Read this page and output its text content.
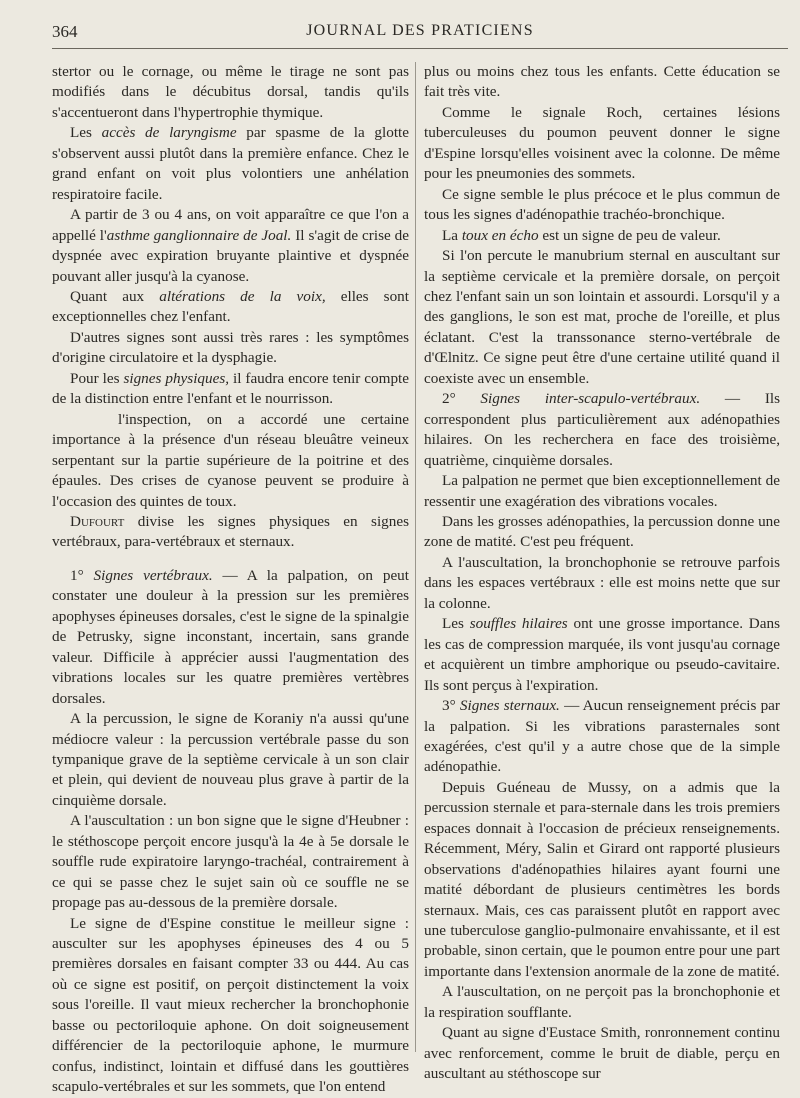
364	JOURNAL DES PRATICIENS

stertor ou le cornage, ou même le tirage ne sont pas modifiés dans le décubitus dorsal, tandis qu'ils s'accentueront dans l'hypertrophie thymique.

Les accès de laryngisme par spasme de la glotte s'observent aussi plutôt dans la première enfance. Chez le grand enfant on voit plus volontiers une anhélation respiratoire facile.

A partir de 3 ou 4 ans, on voit apparaître ce que l'on a appellé l'asthme ganglionnaire de Joal. Il s'agit de crise de dyspnée avec expiration bruyante plaintive et dyspnée pouvant aller jusqu'à la cyanose.

Quant aux altérations de la voix, elles sont exceptionnelles chez l'enfant.

D'autres signes sont aussi très rares : les symptômes d'origine circulatoire et la dysphagie.

Pour les signes physiques, il faudra encore tenir compte de la distinction entre l'enfant et le nourrisson.

l'inspection, on a accordé une certaine importance à la présence d'un réseau bleuâtre veineux serpentant sur la partie supérieure de la poitrine et des épaules. Des crises de cyanose peuvent se produire à l'occasion des quintes de toux.

Dufourt divise les signes physiques en signes vertébraux, para-vertébraux et sternaux.

1° Signes vertébraux. — A la palpation, on peut constater une douleur à la pression sur les premières apophyses épineuses dorsales, c'est le signe de la spinalgie de Petrusky, signe inconstant, incertain, sans grande valeur. Difficile à apprécier aussi l'augmentation des vibrations locales sur les quatre premières vertèbres dorsales.

A la percussion, le signe de Koraniy n'a aussi qu'une médiocre valeur : la percussion vertébrale passe du son tympanique grave de la septième cervicale à un son clair et plein, qui devient de nouveau plus grave à partir de la cinquième dorsale.

A l'auscultation : un bon signe que le signe d'Heubner : le stéthoscope perçoit encore jusqu'à la 4e à 5e dorsale le souffle rude expiratoire laryngo-trachéal, contrairement à ce qui se passe chez le sujet sain où ce souffle ne se propage pas au-dessous de la première dorsale.

Le signe de d'Espine constitue le meilleur signe : ausculter sur les apophyses épineuses des 4 ou 5 premières dorsales en faisant compter 33 ou 444. Au cas où ce signe est positif, on perçoit distinctement la voix sous l'oreille. Il vaut mieux rechercher la bronchophonie basse ou pectoriloquie aphone. On doit soigneusement différencier de la pectoriloquie aphone, le murmure confus, indistinct, lointain et diffusé dans les gouttières scapulo-vertébrales et sur les sommets, que l'on entend

plus ou moins chez tous les enfants. Cette éducation se fait très vite.

Comme le signale Roch, certaines lésions tuberculeuses du poumon peuvent donner le signe d'Espine lorsqu'elles voisinent avec la colonne. De même pour les pneumonies des sommets.

Ce signe semble le plus précoce et le plus commun de tous les signes d'adénopathie trachéo-bronchique.

La toux en écho est un signe de peu de valeur.

Si l'on percute le manubrium sternal en auscultant sur la septième cervicale et la première dorsale, on perçoit chez l'enfant sain un son lointain et assourdi. Lorsqu'il y a des ganglions, le son est mat, proche de l'oreille, et plus éclatant. C'est la transsonance sterno-vertébrale de d'Œlnitz. Ce signe peut être d'une certaine utilité quand il coexiste avec un ensemble.

2° Signes inter-scapulo-vertébraux. — Ils correspondent plus particulièrement aux adénopathies hilaires. On les recherchera en face des troisième, quatrième, cinquième dorsales.

La palpation ne permet que bien exceptionnellement de ressentir une exagération des vibrations vocales.

Dans les grosses adénopathies, la percussion donne une zone de matité. C'est peu fréquent.

A l'auscultation, la bronchophonie se retrouve parfois dans les espaces vertébraux : elle est moins nette que sur la colonne.

Les souffles hilaires ont une grosse importance. Dans les cas de compression marquée, ils vont jusqu'au cornage et acquièrent un timbre amphorique ou pseudo-cavitaire. Ils sont perçus à l'expiration.

3° Signes sternaux. — Aucun renseignement précis par la palpation. Si les vibrations parasternales sont exagérées, c'est qu'il y a autre chose que de la simple adénopathie.

Depuis Guéneau de Mussy, on a admis que la percussion sternale et para-sternale dans les trois premiers espaces donnait à l'occasion de précieux renseignements. Récemment, Méry, Salin et Girard ont rapporté plusieurs observations d'adénopathies hilaires ayant fourni une matité débordant de plusieurs centimètres les bords sternaux. Mais, ces cas paraissent plutôt en rapport avec une tuberculose ganglio-pulmonaire envahissante, et il est probable, sinon certain, que le poumon entre pour une part importante dans l'extension anormale de la zone de matité.

A l'auscultation, on ne perçoit pas la bronchophonie et la respiration soufflante.

Quant au signe d'Eustace Smith, ronronnement continu avec renforcement, comme le bruit de diable, perçu en auscultant au stéthoscope sur
